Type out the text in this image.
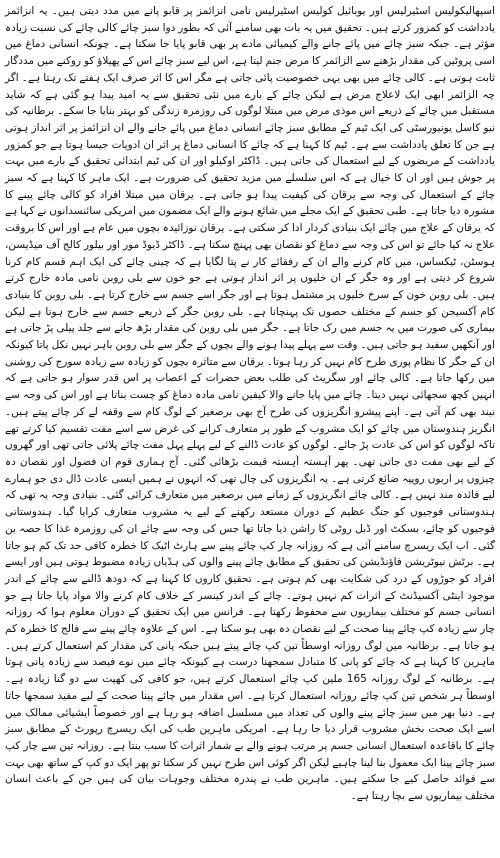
اسپھالیکولیس اسٹیرلیس اور یوبائیل کولیس اسٹیرلیس نامی انزائمز پر قابو پانے میں مدد دیتی ہیں۔ یہ انزائمز یادداشت کو کمزور کرتے ہیں۔ تحقیق میں یہ بات بھی سامنے آئی کہ بطور دوا سبز چائے کالی چائے کی نسبت زیادہ مؤثر ہے۔ جبکہ سبز چائے میں پائے جانے والے کیمیائی مادے پر بھی قابو پایا جا سکتا ہے۔ چونکہ انسانی دماغ میں اسی پروٹین کی مقدار بڑھنے سے الزائمر کا مرض جنم لیتا ہے، اس لیے سبز چائے اس کے پھیلاؤ کو روکنے میں مددگار ثابت ہوتی ہے۔ کالی چائے میں بھی یہی خصوصیت پائی جاتی ہے مگر اس کا اثر صرف ایک ہفتے تک رہتا ہے۔ اگر چہ الزائمر ابھی ایک لاعلاج مرض ہے لیکن چائے کے بارے میں نئی تحقیق سے یہ امید پیدا ہو گئی ہے کہ شاید مستقبل میں چائے کے ذریعے اس موذی مرض میں مبتلا لوگوں کی روزمرہ زندگی کو بہتر بنایا جا سکے۔ برطانیہ کی نیو کاسل یونیورسٹی کی ایک ٹیم کے مطابق سبز چائے انسانی دماغ میں پائے جانے والے ان انزائمز پر اثر انداز ہوتی ہے جن کا تعلق یادداشت سے ہے۔ ٹیم کا کہنا ہے کہ چائے کا انسانی دماغ پر اثر ان ادویات جیسا ہوتا ہے جو کمزور یادداشت کے مریضوں کے لیے استعمال کی جاتی ہیں۔ ڈاکٹر اوکیلو اور ان کی ٹیم ابتدائی تحقیق کے بارے میں بہت پر جوش ہیں اور ان کا خیال ہے کہ اس سلسلے میں مزید تحقیق کی ضرورت ہے۔ ایک ماہر کا کہنا ہے کہ سبز چائے کے استعمال کی وجہ سے یرقان کی کیفیت پیدا ہو جاتی ہے۔ یرقان میں مبتلا افراد کو کالی چائے پینے کا مشورہ دیا جاتا ہے۔ طبی تحقیق کے ایک مجلے میں شائع ہونے والے ایک مضمون میں امریکی سائنسدانوں نے کہا ہے کہ یرقان کے علاج میں چائے ایک بنیادی کردار ادا کر سکتی ہے۔ یرقان نوزائیدہ بچوں میں عام ہے اور اس کا بروقت علاج نہ کیا جائے تو اس کی وجہ سے دماغ کو نقصان بھی پہنچ سکتا ہے۔ ڈاکٹر ڈیوڈ مور اور بیلور کالج آف میڈیسن، ہوسٹن، ٹیکساس، میں کام کرنے والے ان کے رفقائے کار نے پتا لگایا ہے کہ چینی چائے کی ایک اہم قسم کام کرنا شروع کر دیتی ہے اور وہ جگر کے ان خلیوں پر اثر انداز ہوتی ہے جو خون سے بلی روبن نامی مادہ خارج کرتے ہیں۔ بلی روبن خون کے سرخ خلیوں پر مشتمل ہوتا ہے اور جگر اسے جسم سے خارج کرتا ہے۔ بلی روبن کا بنیادی کام آکسیجن کو جسم کے مختلف حصوں تک پہنچانا ہے۔ بلی روبن جگر کے ذریعے جسم سے خارج ہوتا ہے لیکن بیماری کی صورت میں یہ جسم میں رک جاتا ہے۔ جگر میں بلی روبن کی مقدار بڑھ جانے سے جلد پیلی پڑ جاتی ہے اور آنکھیں سفید ہو جاتی ہیں۔ وقت سے پہلے پیدا ہونے والے بچوں کے جگر سے بلی روبن باہر نہیں نکل پاتا کیونکہ ان کے جگر کا نظام پوری طرح کام نہیں کر رہا ہوتا۔ یرقان سے متاثرہ بچوں کو زیادہ سے زیادہ سورج کی روشنی میں رکھا جاتا ہے۔ کالی چائے اور سگریٹ کی طلب بعض حضرات کے اعصاب پر اس قدر سوار ہو جاتی ہے کہ انہیں کچھ سجھائی نہیں دیتا۔ چائے میں پایا جانے والا کیفین نامی مادہ دماغ کو چست بناتا ہے اور اس کی وجہ سے نیند بھی کم آتی ہے۔ اپنے پیشرو انگریزوں کی طرح آج بھی برصغیر کے لوگ کام سے وقفہ لے کر چائے پیتے ہیں۔ انگریز ہندوستان میں چائے کو ایک مشروب کے طور پر متعارف کرانے کی غرض سے اسے مفت تقسیم کیا کرتے تھے تاکہ لوگوں کو اس کی عادت پڑ جائے۔ لوگوں کو عادت ڈالنے کے لیے پہلے پہل مفت چائے پلائی جاتی تھی اور گھروں کے لیے بھی مفت دی جاتی تھی۔ پھر آہستہ آہستہ قیمت بڑھائی گئی۔ آج ہماری قوم ان فضول اور نقصان دہ چیزوں پر اربوں روپیہ ضائع کرتی ہے۔ یہ انگریزوں کی چال تھی کہ انہوں نے ہمیں ایسی عادت ڈال دی جو ہمارے لیے فائدہ مند نہیں ہے۔ کالی چائے انگریزوں کے زمانے میں برصغیر میں متعارف کرائی گئی۔ بنیادی وجہ یہ تھی کہ ہندوستانی فوجیوں کو جنگ عظیم کے دوران مستعد رکھنے کے لیے یہ مشروب متعارف کرایا گیا۔ ہندوستانی فوجیوں کو چائے، بسکٹ اور ڈبل روٹی کا راشن دیا جاتا تھا جس کی وجہ سے چائے ان کی روزمرہ غذا کا حصہ بن گئی۔ اب ایک ریسرچ سامنے آئی ہے کہ روزانہ چار کپ چائے پینے سے ہارٹ اٹیک کا خطرہ کافی حد تک کم ہو جاتا ہے۔ برٹش نیوٹریشن فاؤنڈیشن کی تحقیق کے مطابق چائے پینے والوں کی ہڈیاں زیادہ مضبوط ہوتی ہیں اور ایسے افراد کو جوڑوں کے درد کی شکایت بھی کم ہوتی ہے۔ تحقیق کاروں کا کہنا ہے کہ دودھ ڈالنے سے چائے کے اندر موجود اینٹی آکسیڈنٹ کے اثرات کم نہیں ہوتے۔ چائے کے اندر کینسر کے خلاف کام کرنے والا مواد پایا جاتا ہے جو انسانی جسم کو مختلف بیماریوں سے محفوظ رکھتا ہے۔ فرانس میں ایک تحقیق کے دوران معلوم ہوا کہ روزانہ چار سے زیادہ کپ چائے پینا صحت کے لیے نقصان دہ بھی ہو سکتا ہے۔ اس کے علاوہ چائے پینے سے فالج کا خطرہ کم ہو جاتا ہے۔ برطانیہ میں لوگ روزانہ اوسطاً تین کپ چائے پیتے ہیں جبکہ پانی کی مقدار کم استعمال کرتے ہیں۔ ماہرین کا کہنا ہے کہ چائے کو پانی کا متبادل سمجھنا درست ہے کیونکہ چائے میں نوے فیصد سے زیادہ پانی ہوتا ہے۔ برطانیہ کے لوگ روزانہ 165 ملین کپ چائے استعمال کرتے ہیں، جو کافی کی کھپت سے دو گنا زیادہ ہے۔ اوسطاً ہر شخص تین کپ چائے روزانہ استعمال کرتا ہے۔ اس مقدار میں چائے پینا صحت کے لیے مفید سمجھا جاتا ہے۔ دنیا بھر میں سبز چائے پینے والوں کی تعداد میں مسلسل اضافہ ہو رہا ہے اور خصوصاً ایشیائی ممالک میں اسے ایک صحت بخش مشروب قرار دیا جا رہا ہے۔ امریکی ماہرین طب کی ایک ریسرچ رپورٹ کے مطابق سبز چائے کا باقاعدہ استعمال انسانی جسم پر مرتب ہونے والے بے شمار اثرات کا سبب بنتا ہے۔ روزانہ تین سے چار کپ سبز چائے پینا ایک معمول بنا لینا چاہیے لیکن اگر کوئی اس طرح نہیں کر سکتا تو پھر ایک دو کپ کے ساتھ بھی بہت سے فوائد حاصل کیے جا سکتے ہیں۔ ماہرین طب نے پندرہ مختلف وجوہات بیان کی ہیں جن کے باعث انسان مختلف بیماریوں سے بچا رہتا ہے۔
